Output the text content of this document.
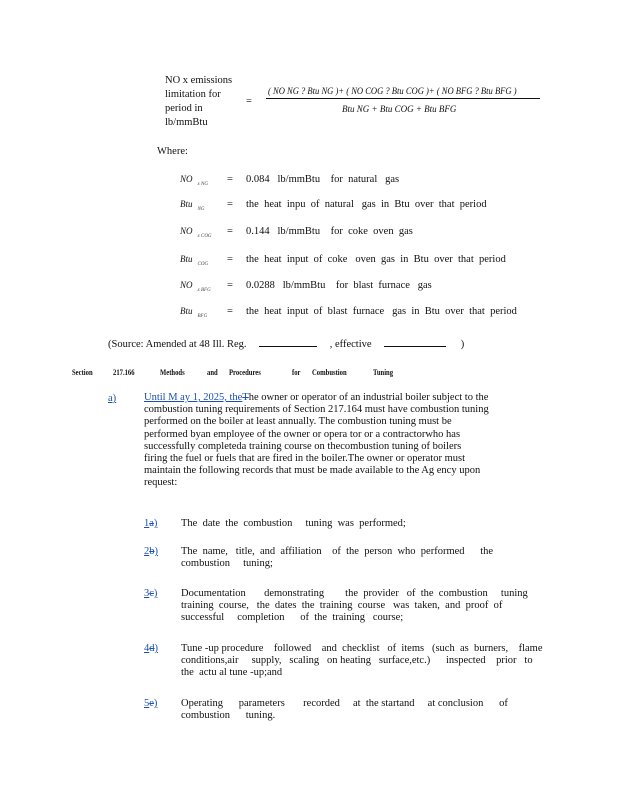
NO x emissions
limitation for
period in
lb/mmBtu
=
( NO NG ? Btu NG )+ ( NO COG ? Btu COG )+ ( NO BFG ? Btu BFG )
Btu NG + Btu COG + Btu BFG
Where:
$NO_{x NG} = 0.084$   lb/mmBtu    for  natural   gas
Btu$_{NG}$ = the  heat  inpu  of  natural   gas  in  Btu  over  that  period
$NO_{x COG} = 0.144$   lb/mmBtu    for  coke  oven  gas
Btu$_{COG}$ = the  heat  input  of  coke   oven  gas  in  Btu  over  that  period
$NO_{x BFG} = 0.0288$   lb/mmBtu    for  blast  furnace   gas
Btu$_{BFG}$ = the  heat  input  of  blast  furnace   gas  in  Btu  over  that  period
(Source: Amended at 48 Ill. Reg.	, effective	)
Section 217.166	Methods	and Procedures	for Combustion	Tuning
a)	Until M ay 1, 2025, theThe owner or operator of an industrial boiler subject to the
combustion tuning requirements of Section 217.164 must have combustion tuning
performed on the boiler at least annually. The combustion tuning must be
performed byan employee of the owner or opera tor or a contractorwho has
successfully completeda training course on thecombustion tuning of boilers
firing the fuel or fuels that are fired in the boiler.The owner or operator must
maintain the following records that must be made available to the Ag ency upon
request:
1a) The  date  the  combustion     tuning  was  performed;
2b) The  name,   title,  and  affiliation    of  the  person  who  performed      the
combustion     tuning;
3c) Documentation       demonstrating        the  provider   of  the  combustion     tuning
training  course,   the  dates  the  training  course   was  taken,  and  proof  of
successful     completion      of  the  training   course;
4d) Tune -up procedure    followed    and  checklist   of  items   (such  as  burners,    flame
conditions,air     supply,   scaling   on heating   surface,etc.)      inspected    prior   to
the  actu al tune -up;and
5e) Operating      parameters       recorded     at  the startand     at conclusion      of
combustion      tuning.
